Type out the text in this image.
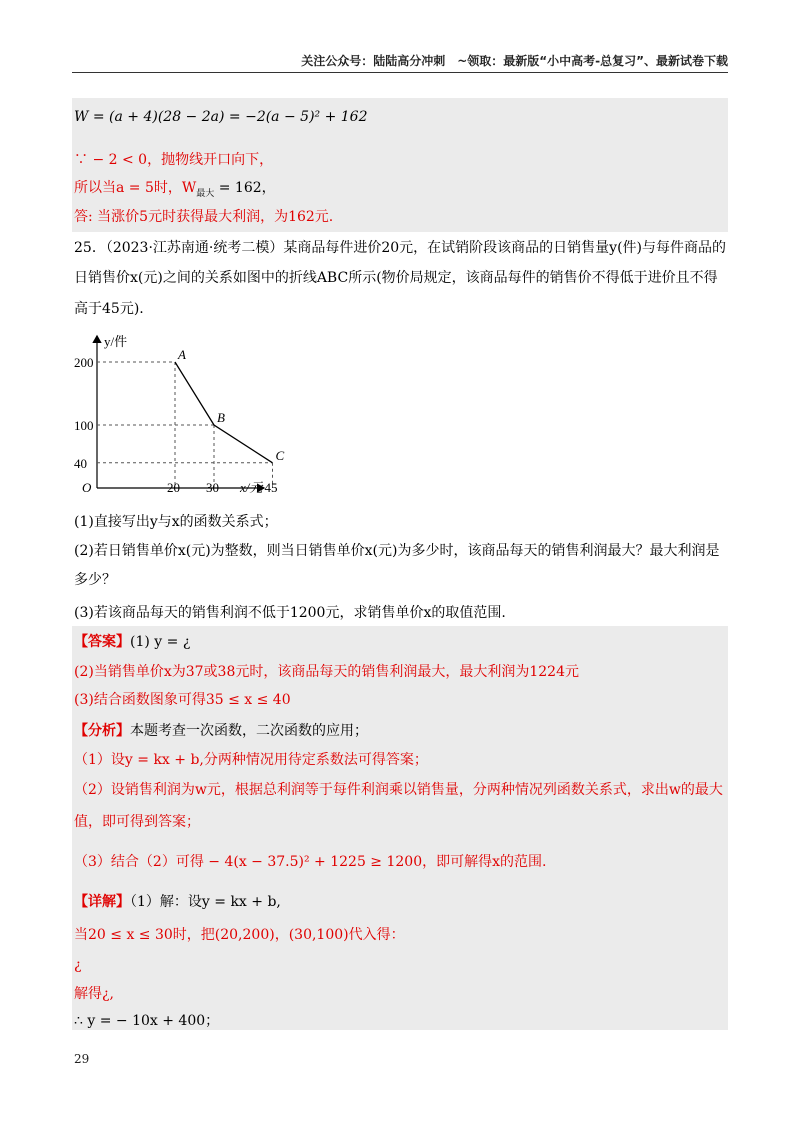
关注公众号：陆陆高分冲刺　~领取：最新版“小中高考-总复习”、最新试卷下载
W = (a + 4)(28 − 2a) = −2(a − 5)² + 162
∵ − 2 < 0，抛物线开口向下，
所以当a = 5时，$W_{最大} = 162$，
答: 当涨价5元时获得最大利润，为162元.
25．（2023·江苏南通·统考二模）某商品每件进价20元，在试销阶段该商品的日销售量y(件)与每件商品的
日销售价x(元)之间的关系如图中的折线ABC所示(物价局规定，该商品每件的销售价不得低于进价且不得
高于45元).
A
200
20
B
100
30
C
40
45
y/件
x/元
O
(1)直接写出y与x的函数关系式；
(2)若日销售单价x(元)为整数，则当日销售单价x(元)为多少时，该商品每天的销售利润最大？最大利润是
多少？
(3)若该商品每天的销售利润不低于1200元，求销售单价x的取值范围.
【答案】(1) y = ¿
(2)当销售单价x为37或38元时，该商品每天的销售利润最大，最大利润为1224元
(3)结合函数图象可得35 ≤ x ≤ 40
【分析】本题考查一次函数，二次函数的应用；
（1）设y = kx + b,分两种情况用待定系数法可得答案；
（2）设销售利润为w元，根据总利润等于每件利润乘以销售量，分两种情况列函数关系式，求出w的最大
值，即可得到答案；
（3）结合（2）可得 − 4(x − 37.5)² + 1225 ≥ 1200，即可解得x的范围.
【详解】（1）解：设y = kx + b,
当20 ≤ x ≤ 30时，把(20,200)，(30,100)代入得：
¿
解得¿,
∴ y = − 10x + 400；
29
